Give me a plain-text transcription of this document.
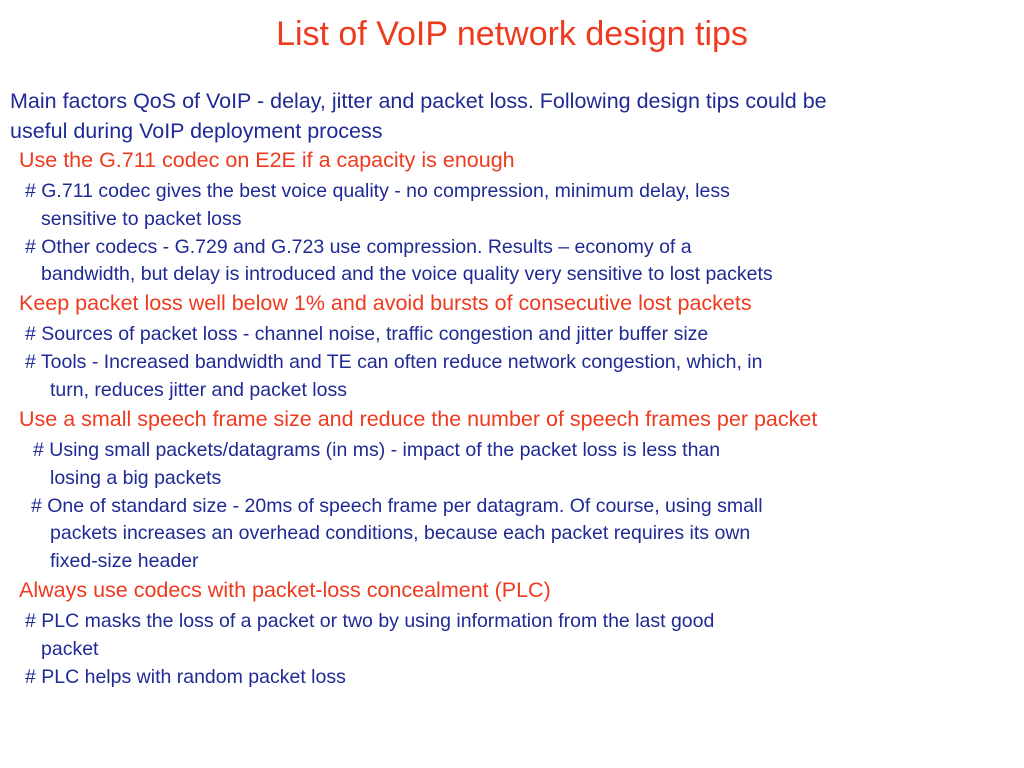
List of VoIP network design tips
Main factors QoS of VoIP - delay, jitter and packet loss. Following design tips could be
useful during VoIP deployment process
Use the G.711 codec on E2E if a capacity is enough
# G.711 codec gives the best voice quality - no compression, minimum delay, less
sensitive to packet loss
# Other codecs - G.729 and G.723 use compression. Results – economy of a
bandwidth, but delay is introduced and the voice quality very sensitive to lost packets
Keep packet loss well below 1% and avoid bursts of consecutive lost packets
# Sources of packet loss - channel noise, traffic congestion and jitter buffer size
# Tools - Increased bandwidth and TE can often reduce network congestion, which, in
turn, reduces jitter and packet loss
Use a small speech frame size and reduce the number of speech frames per packet
# Using small packets/datagrams (in ms) - impact of the packet loss is less than
losing a big packets
# One of standard size - 20ms of speech frame per datagram. Of course, using small
packets increases an overhead conditions, because each packet requires its own
fixed-size header
Always use codecs with packet-loss concealment (PLC)
# PLC masks the loss of a packet or two by using information from the last good
packet
# PLC helps with random packet loss
